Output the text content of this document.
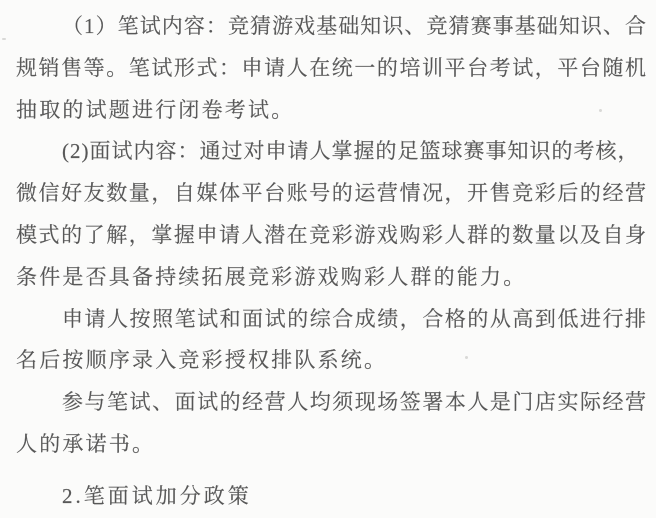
（1）笔试内容：竞猜游戏基础知识、竞猜赛事基础知识、合
规销售等。笔试形式：申请人在统一的培训平台考试，平台随机
抽取的试题进行闭卷考试。
(2)面试内容：通过对申请人掌握的足篮球赛事知识的考核，
微信好友数量，自媒体平台账号的运营情况，开售竞彩后的经营
模式的了解，掌握申请人潜在竞彩游戏购彩人群的数量以及自身
条件是否具备持续拓展竞彩游戏购彩人群的能力。
申请人按照笔试和面试的综合成绩，合格的从高到低进行排
名后按顺序录入竞彩授权排队系统。
参与笔试、面试的经营人均须现场签署本人是门店实际经营
人的承诺书。
2.笔面试加分政策
